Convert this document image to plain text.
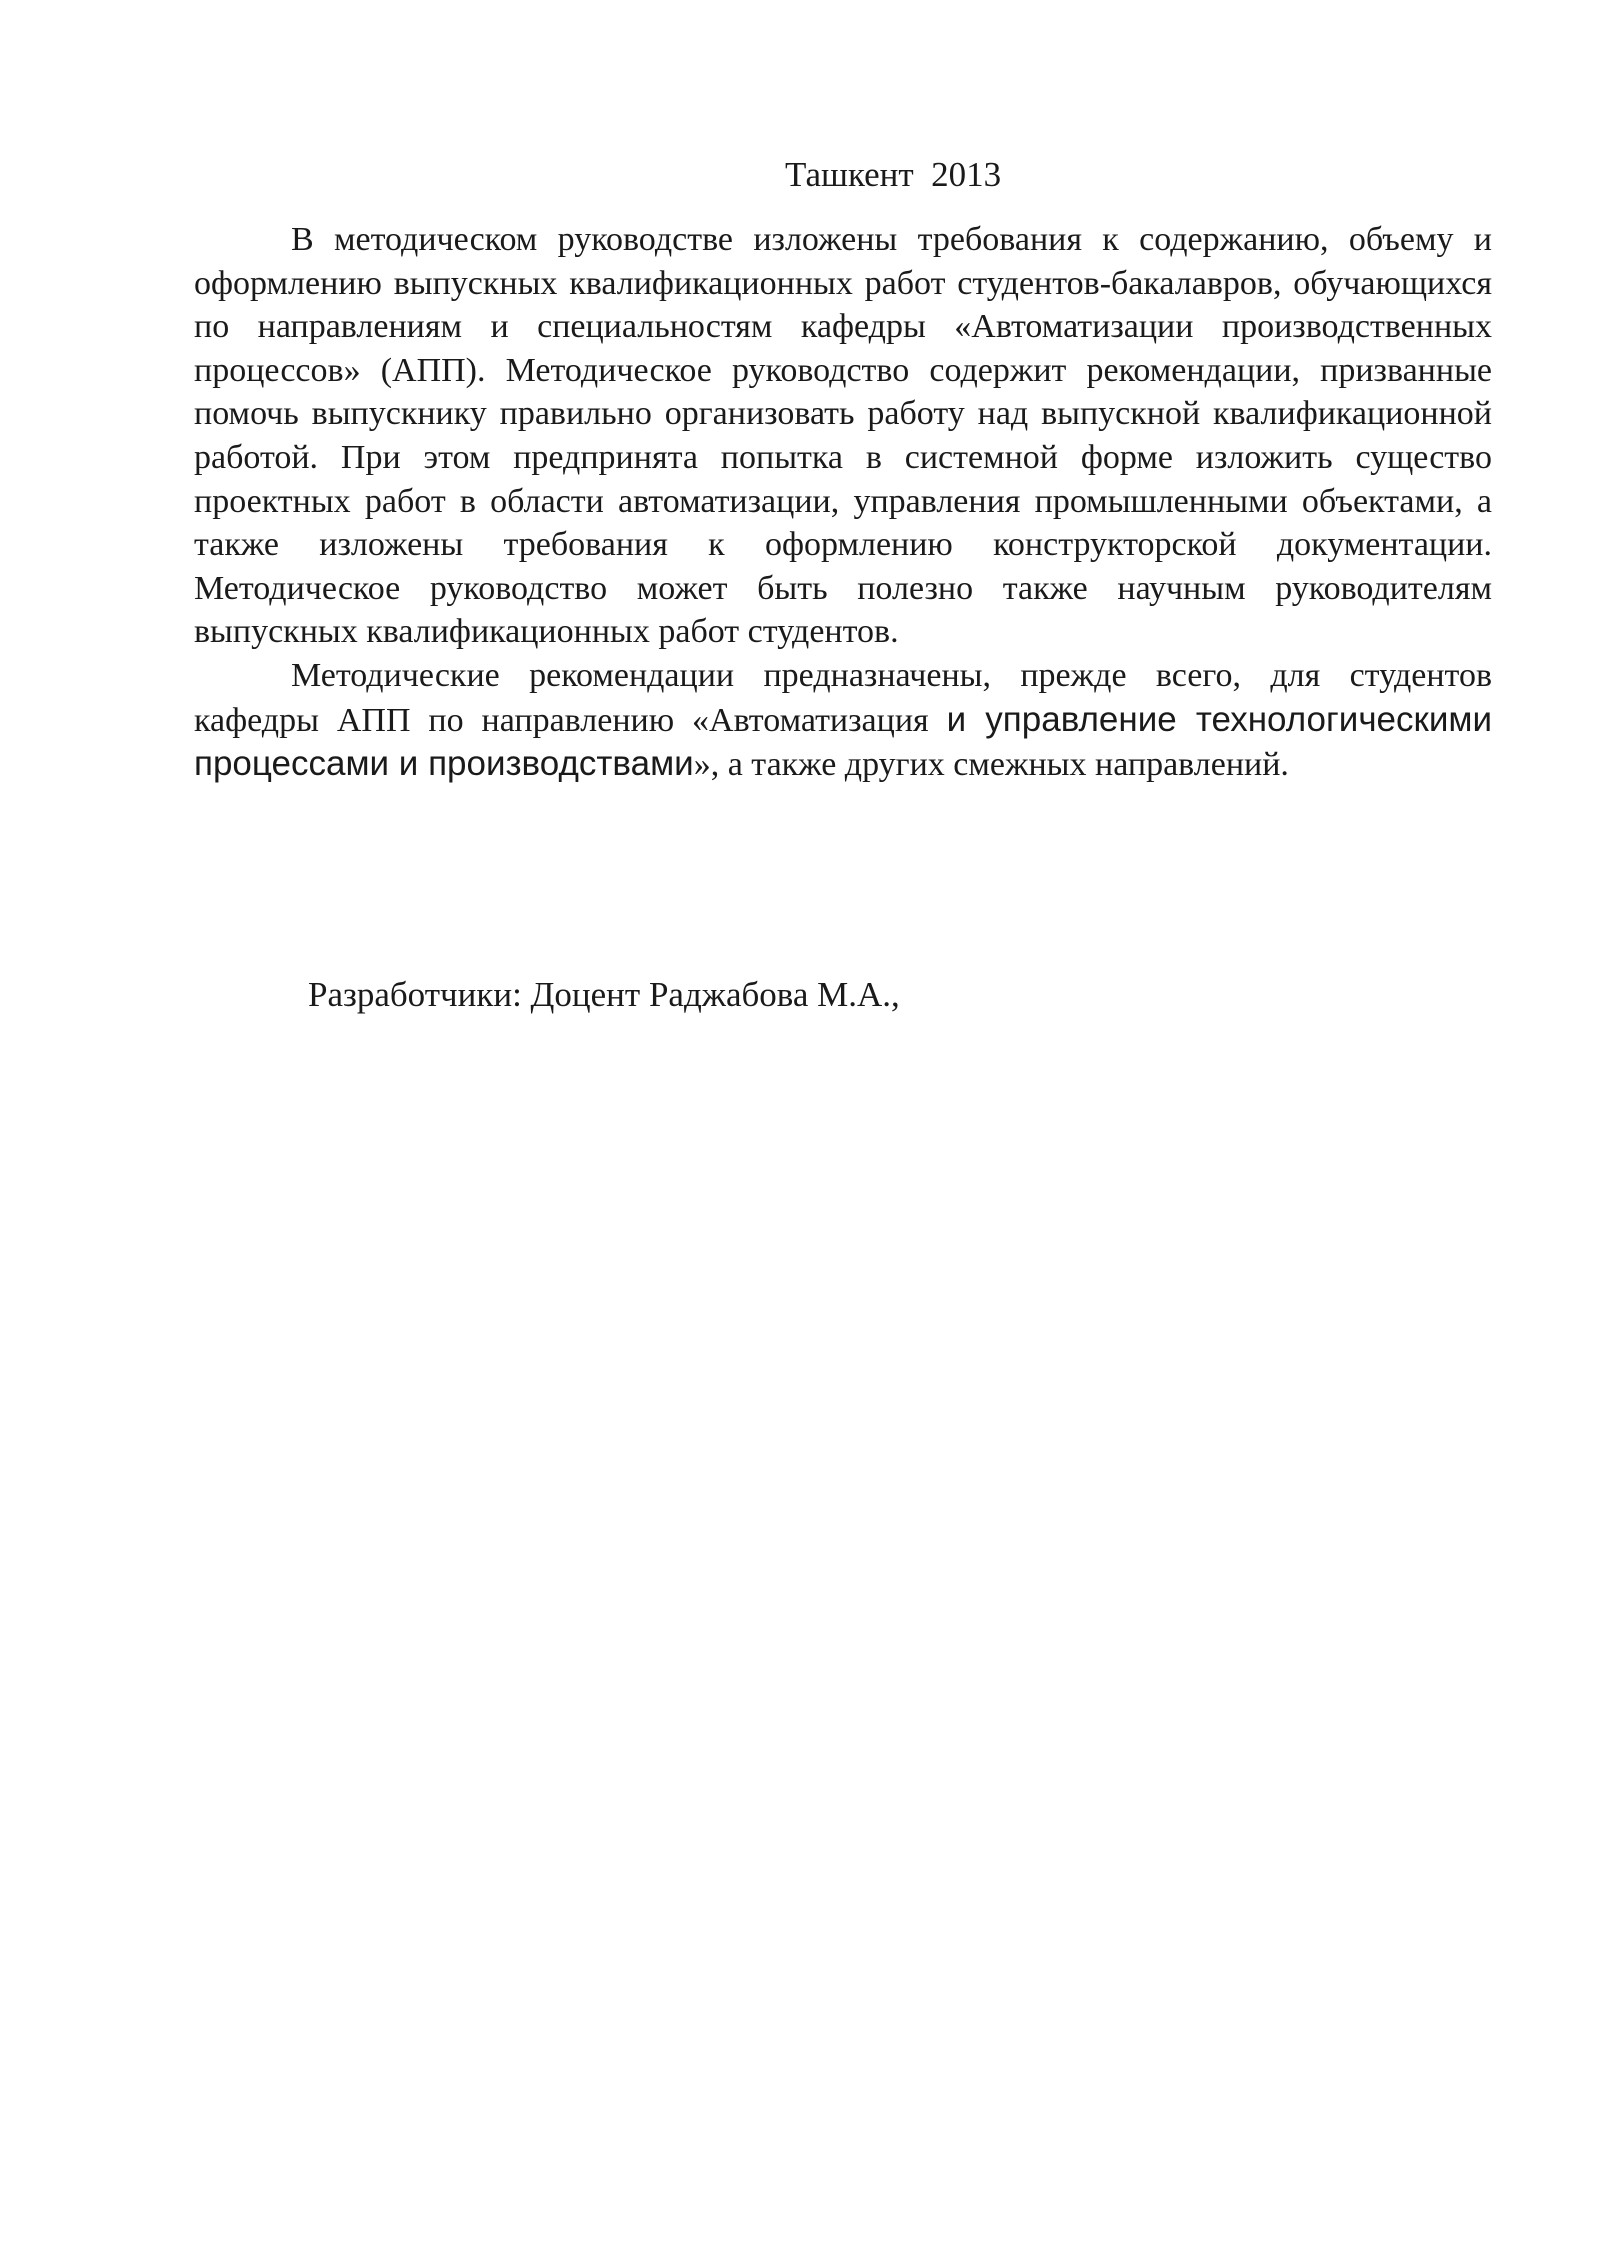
Ташкент  2013

В методическом руководстве изложены требования к содержанию, объему и оформлению выпускных квалификационных работ студентов-бакалавров, обучающихся по направлениям и специальностям кафедры «Автоматизации производственных процессов» (АПП). Методическое руководство содержит рекомендации, призванные помочь выпускнику правильно организовать работу над выпускной квалификационной работой. При этом предпринята попытка в системной форме изложить существо проектных работ в области автоматизации, управления промышленными объектами, а также изложены требования к оформлению конструкторской документации. Методическое руководство может быть полезно также научным руководителям выпускных квалификационных работ студентов.

Методические рекомендации предназначены, прежде всего, для студентов кафедры АПП по направлению «Автоматизация и управление технологическими процессами и производствами», а также других смежных направлений.

Разработчики: Доцент Раджабова М.А.,
